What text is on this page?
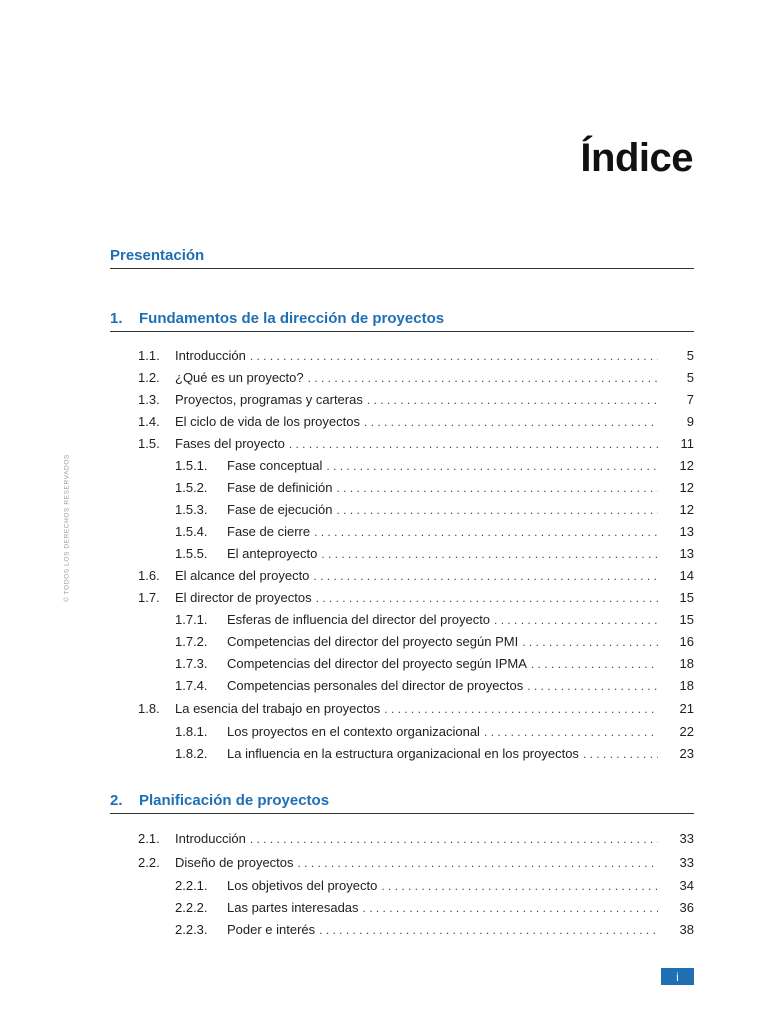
Índice
© TODOS LOS DERECHOS RESERVADOS
Presentación
1.	Fundamentos de la dirección de proyectos
1.1.	Introducción . . .	5
1.2.	¿Qué es un proyecto? . . .	5
1.3.	Proyectos, programas y carteras . . .	7
1.4.	El ciclo de vida de los proyectos . . .	9
1.5.	Fases del proyecto . . .	11
1.5.1.	Fase conceptual . . .	12
1.5.2.	Fase de definición . . .	12
1.5.3.	Fase de ejecución . . .	12
1.5.4.	Fase de cierre . . .	13
1.5.5.	El anteproyecto . . .	13
1.6.	El alcance del proyecto . . .	14
1.7.	El director de proyectos . . .	15
1.7.1.	Esferas de influencia del director del proyecto . . .	15
1.7.2.	Competencias del director del proyecto según PMI . . .	16
1.7.3.	Competencias del director del proyecto según IPMA . . .	18
1.7.4.	Competencias personales del director de proyectos . . .	18
1.8.	La esencia del trabajo en proyectos . . .	21
1.8.1.	Los proyectos en el contexto organizacional . . .	22
1.8.2.	La influencia en la estructura organizacional en los proyectos . . .	23
2.	Planificación de proyectos
2.1.	Introducción . . .	33
2.2.	Diseño de proyectos . . .	33
2.2.1.	Los objetivos del proyecto . . .	34
2.2.2.	Las partes interesadas . . .	36
2.2.3.	Poder e interés . . .	38
i
